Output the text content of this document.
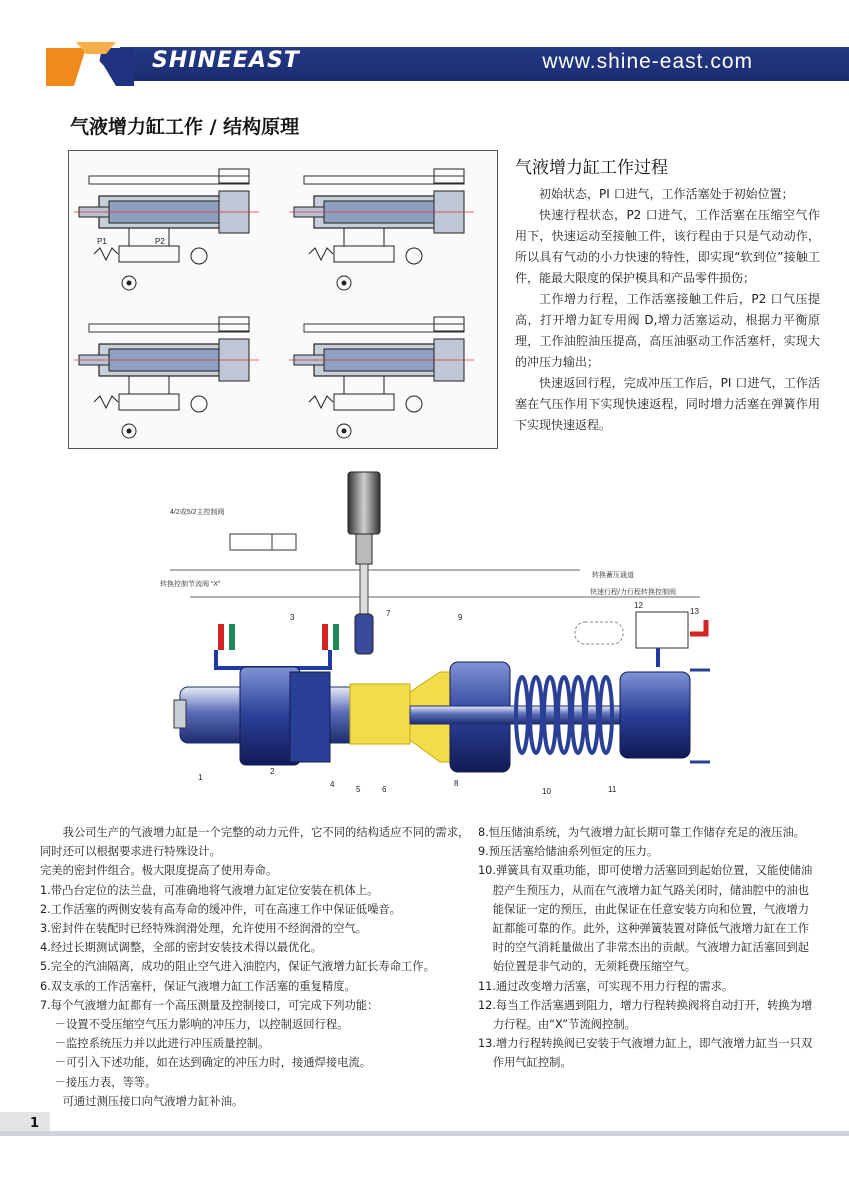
SHINEEAST	www.shine-east.com
气液增力缸工作 / 结构原理
P1	P2

气液增力缸工作过程

初始状态，PI 口进气，工作活塞处于初始位置；

快速行程状态，P2 口进气，工作活塞在压缩空气作用下，快速运动至接触工件，该行程由于只是气动动作，所以具有气动的小力快速的特性，即实现“软到位”接触工件，能最大限度的保护模具和产品零件损伤；

工作增力行程，工作活塞接触工件后，P2 口气压提高，打开增力缸专用阀 D,增力活塞运动，根据力平衡原理，工作油腔油压提高，高压油驱动工作活塞杆，实现大的冲压力输出；

快速返回行程，完成冲压工作后，PI 口进气，工作活塞在气压作用下实现快速返程，同时增力活塞在弹簧作用下实现快速返程。

4/2或5/2主控制阀
转换控制节流阀 “X”
转换蓄压通道
快速行程/力行程转换控制阀
1
2
3
4
5	6
7
8
9
10	11
12
13

我公司生产的气液增力缸是一个完整的动力元件，它不同的结构适应不同的需求，同时还可以根据要求进行特殊设计。

完美的密封件组合。极大限度提高了使用寿命。

1.带凸台定位的法兰盘，可准确地将气液增力缸定位安装在机体上。

2.工作活塞的两侧安装有高寿命的缓冲件，可在高速工作中保证低噪音。

3.密封件在装配时已经特殊润滑处理，允许使用不经润滑的空气。

4.经过长期测试调整，全部的密封安装技术得以最优化。

5.完全的汽油隔离，成功的阻止空气进入油腔内，保证气液增力缸长寿命工作。

6.双支承的工作活塞杆，保证气液增力缸工作活塞的重复精度。

7.每个气液增力缸都有一个高压测量及控制接口，可完成下列功能：

－设置不受压缩空气压力影响的冲压力，以控制返回行程。

－监控系统压力并以此进行冲压质量控制。

－可引入下述功能，如在达到确定的冲压力时，接通焊接电流。

－接压力表，等等。

可通过测压接口向气液增力缸补油。

8.恒压储油系统，为气液增力缸长期可靠工作储存充足的液压油。

9.预压活塞给储油系列恒定的压力。

10.弹簧具有双重功能，即可使增力活塞回到起始位置，又能使储油腔产生预压力，从而在气液增力缸气路关闭时，储油腔中的油也能保证一定的预压，由此保证在任意安装方向和位置，气液增力缸都能可靠的作。此外，这种弹簧装置对降低气液增力缸在工作时的空气消耗量做出了非常杰出的贡献。气液增力缸活塞回到起始位置是非气动的，无须耗费压缩空气。

11.通过改变增力活塞，可实现不用力行程的需求。

12.每当工作活塞遇到阻力，增力行程转换阀将自动打开，转换为增力行程。由“X”节流阀控制。

13.增力行程转换阀已安装于气液增力缸上，即气液增力缸当一只双作用气缸控制。

1
